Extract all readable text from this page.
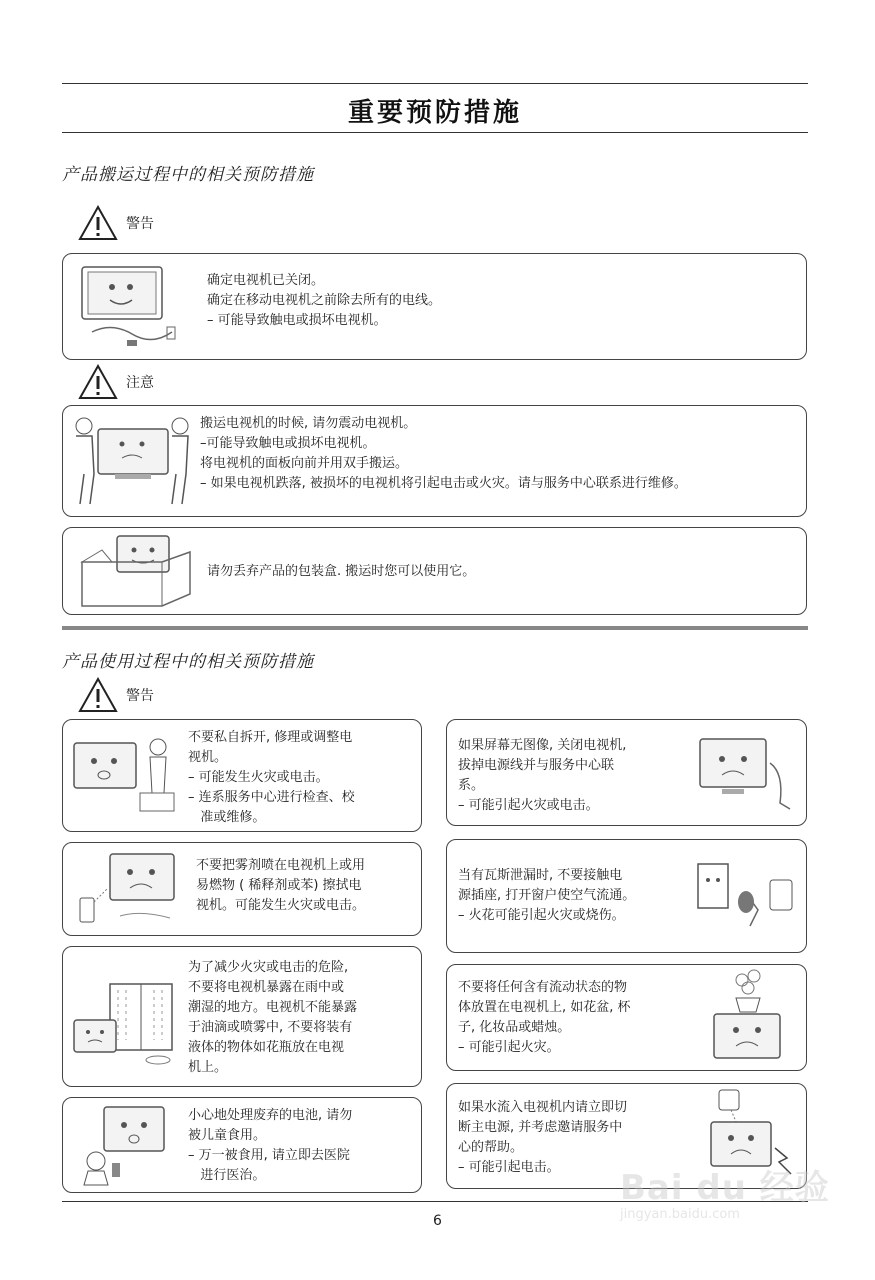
重要预防措施
产品搬运过程中的相关预防措施
警告
确定电视机已关闭。
确定在移动电视机之前除去所有的电线。
– 可能导致触电或损坏电视机。
注意
搬运电视机的时候, 请勿震动电视机。
–可能导致触电或损坏电视机。
将电视机的面板向前并用双手搬运。
– 如果电视机跌落, 被损坏的电视机将引起电击或火灾。请与服务中心联系进行维修。
请勿丢弃产品的包装盒. 搬运时您可以使用它。
产品使用过程中的相关预防措施
警告
不要私自拆开, 修理或调整电
视机。
– 可能发生火灾或电击。
– 连系服务中心进行检查、校
准或维修。
不要把雾剂喷在电视机上或用
易燃物 ( 稀释剂或苯) 擦拭电
视机。可能发生火灾或电击。
为了减少火灾或电击的危险,
不要将电视机暴露在雨中或
潮湿的地方。电视机不能暴露
于油滴或喷雾中, 不要将装有
液体的物体如花瓶放在电视
机上。
小心地处理废弃的电池, 请勿
被儿童食用。
– 万一被食用, 请立即去医院
进行医治。
如果屏幕无图像, 关闭电视机,
拔掉电源线并与服务中心联
系。
– 可能引起火灾或电击。
当有瓦斯泄漏时, 不要接触电
源插座, 打开窗户使空气流通。
– 火花可能引起火灾或烧伤。
不要将任何含有流动状态的物
体放置在电视机上, 如花盆, 杯
子, 化妆品或蜡烛。
– 可能引起火灾。
如果水流入电视机内请立即切
断主电源, 并考虑邀请服务中
心的帮助。
– 可能引起电击。
6
Bai du 经验
jingyan.baidu.com
